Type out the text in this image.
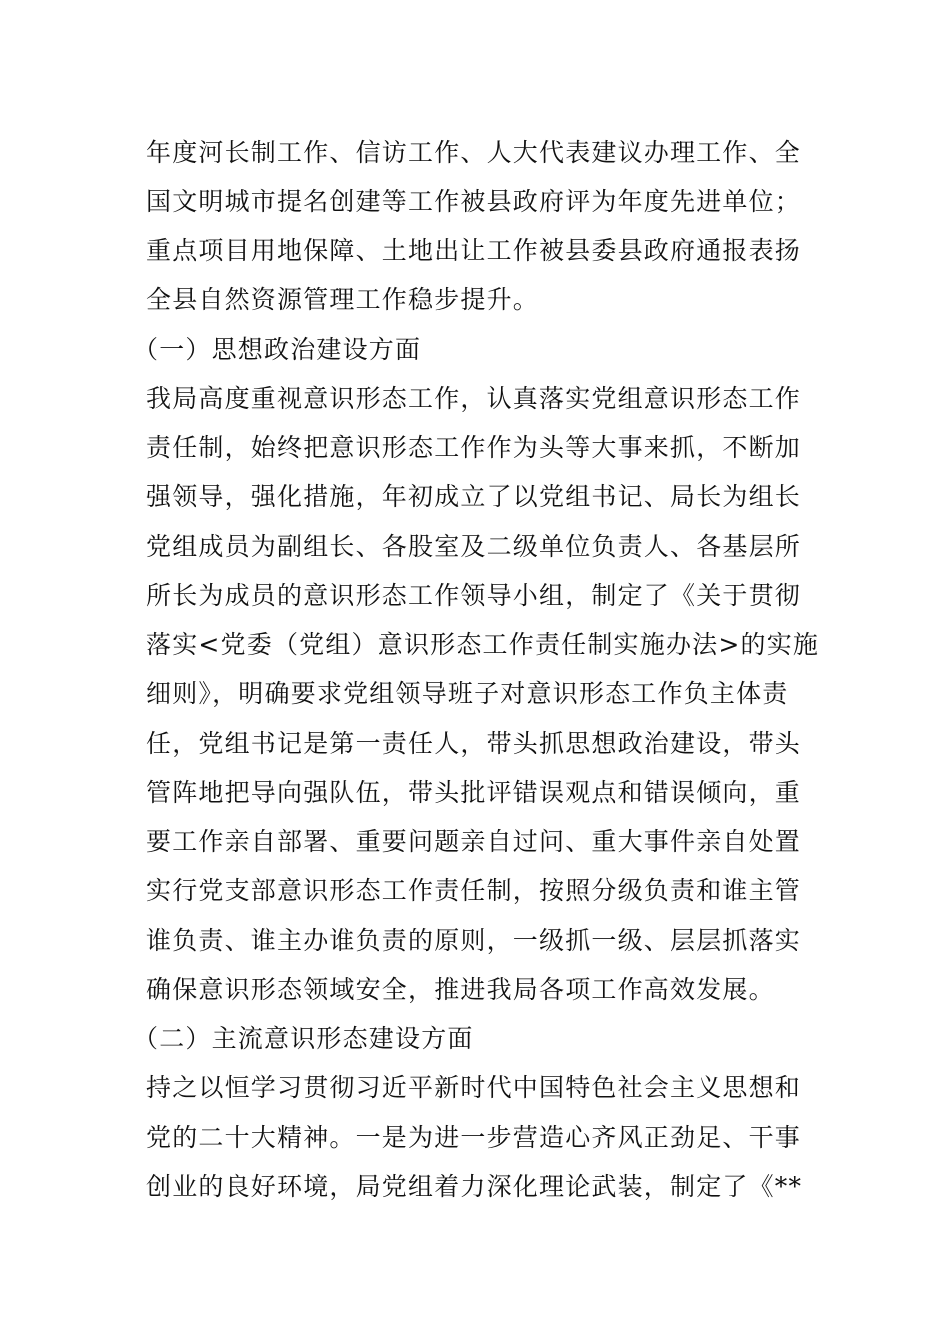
年度河长制工作、信访工作、人大代表建议办理工作、全
国文明城市提名创建等工作被县政府评为年度先进单位；
重点项目用地保障、土地出让工作被县委县政府通报表扬
全县自然资源管理工作稳步提升。
（一）思想政治建设方面
我局高度重视意识形态工作，认真落实党组意识形态工作
责任制，始终把意识形态工作作为头等大事来抓，不断加
强领导，强化措施，年初成立了以党组书记、局长为组长
党组成员为副组长、各股室及二级单位负责人、各基层所
所长为成员的意识形态工作领导小组，制定了《关于贯彻
落实<党委（党组）意识形态工作责任制实施办法>的实施
细则》，明确要求党组领导班子对意识形态工作负主体责
任，党组书记是第一责任人，带头抓思想政治建设，带头
管阵地把导向强队伍，带头批评错误观点和错误倾向，重
要工作亲自部署、重要问题亲自过问、重大事件亲自处置
实行党支部意识形态工作责任制，按照分级负责和谁主管
谁负责、谁主办谁负责的原则，一级抓一级、层层抓落实
确保意识形态领域安全，推进我局各项工作高效发展。
（二）主流意识形态建设方面
持之以恒学习贯彻习近平新时代中国特色社会主义思想和
党的二十大精神。一是为进一步营造心齐风正劲足、干事
创业的良好环境，局党组着力深化理论武装，制定了《**
